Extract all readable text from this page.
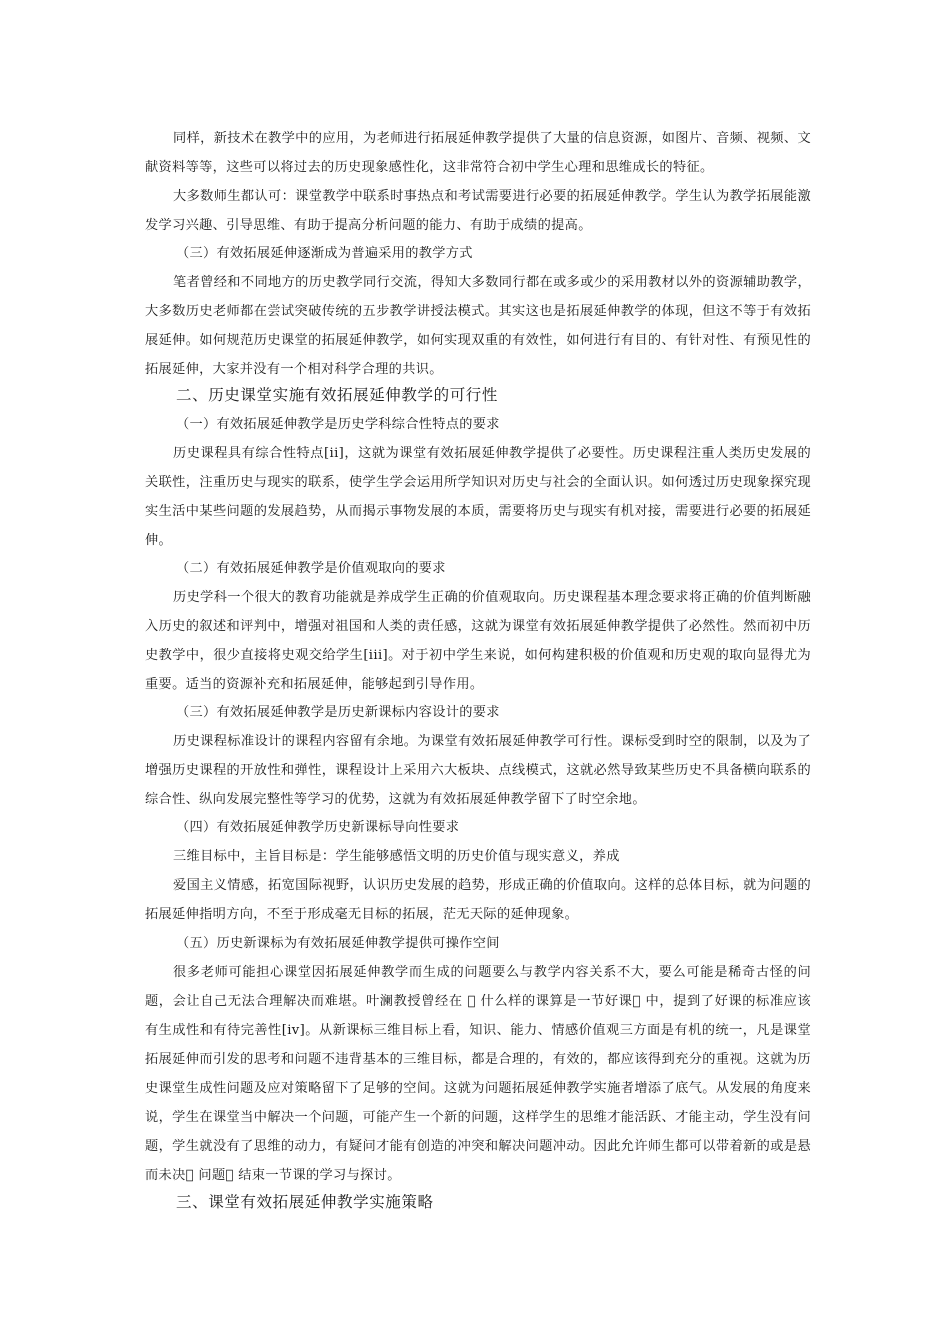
同样，新技术在教学中的应用，为老师进行拓展延伸教学提供了大量的信息资源，如图片、音频、视频、文献资料等等，这些可以将过去的历史现象感性化，这非常符合初中学生心理和思维成长的特征。

大多数师生都认可：课堂教学中联系时事热点和考试需要进行必要的拓展延伸教学。学生认为教学拓展能激发学习兴趣、引导思维、有助于提高分析问题的能力、有助于成绩的提高。

（三）有效拓展延伸逐渐成为普遍采用的教学方式

笔者曾经和不同地方的历史教学同行交流，得知大多数同行都在或多或少的采用教材以外的资源辅助教学，大多数历史老师都在尝试突破传统的五步教学讲授法模式。其实这也是拓展延伸教学的体现，但这不等于有效拓展延伸。如何规范历史课堂的拓展延伸教学，如何实现双重的有效性，如何进行有目的、有针对性、有预见性的拓展延伸，大家并没有一个相对科学合理的共识。

二、历史课堂实施有效拓展延伸教学的可行性

（一）有效拓展延伸教学是历史学科综合性特点的要求

历史课程具有综合性特点[ii]，这就为课堂有效拓展延伸教学提供了必要性。历史课程注重人类历史发展的关联性，注重历史与现实的联系，使学生学会运用所学知识对历史与社会的全面认识。如何透过历史现象探究现实生活中某些问题的发展趋势，从而揭示事物发展的本质，需要将历史与现实有机对接，需要进行必要的拓展延伸。

（二）有效拓展延伸教学是价值观取向的要求

历史学科一个很大的教育功能就是养成学生正确的价值观取向。历史课程基本理念要求将正确的价值判断融入历史的叙述和评判中，增强对祖国和人类的责任感，这就为课堂有效拓展延伸教学提供了必然性。然而初中历史教学中，很少直接将史观交给学生[iii]。对于初中学生来说，如何构建积极的价值观和历史观的取向显得尤为重要。适当的资源补充和拓展延伸，能够起到引导作用。

（三）有效拓展延伸教学是历史新课标内容设计的要求

历史课程标准设计的课程内容留有余地。为课堂有效拓展延伸教学可行性。课标受到时空的限制，以及为了增强历史课程的开放性和弹性，课程设计上采用六大板块、点线模式，这就必然导致某些历史不具备横向联系的综合性、纵向发展完整性等学习的优势，这就为有效拓展延伸教学留下了时空余地。

（四）有效拓展延伸教学历史新课标导向性要求

三维目标中，主旨目标是：学生能够感悟文明的历史价值与现实意义，养成

爱国主义情感，拓宽国际视野，认识历史发展的趋势，形成正确的价值取向。这样的总体目标，就为问题的拓展延伸指明方向，不至于形成毫无目标的拓展，茫无天际的延伸现象。

（五）历史新课标为有效拓展延伸教学提供可操作空间

很多老师可能担心课堂因拓展延伸教学而生成的问题要么与教学内容关系不大，要么可能是稀奇古怪的问题，会让自己无法合理解决而难堪。叶澜教授曾经在   什么样的课算是一节好课  中，提到了好课的标准应该有生成性和有待完善性[iv]。从新课标三维目标上看，知识、能力、情感价值观三方面是有机的统一，凡是课堂拓展延伸而引发的思考和问题不违背基本的三维目标，都是合理的，有效的，都应该得到充分的重视。这就为历史课堂生成性问题及应对策略留下了足够的空间。这就为问题拓展延伸教学实施者增添了底气。从发展的角度来说，学生在课堂当中解决一个问题，可能产生一个新的问题，这样学生的思维才能活跃、才能主动，学生没有问题，学生就没有了思维的动力，有疑问才能有创造的冲突和解决问题冲动。因此允许师生都可以带着新的或是悬而未决  问题  结束一节课的学习与探讨。

三、课堂有效拓展延伸教学实施策略
